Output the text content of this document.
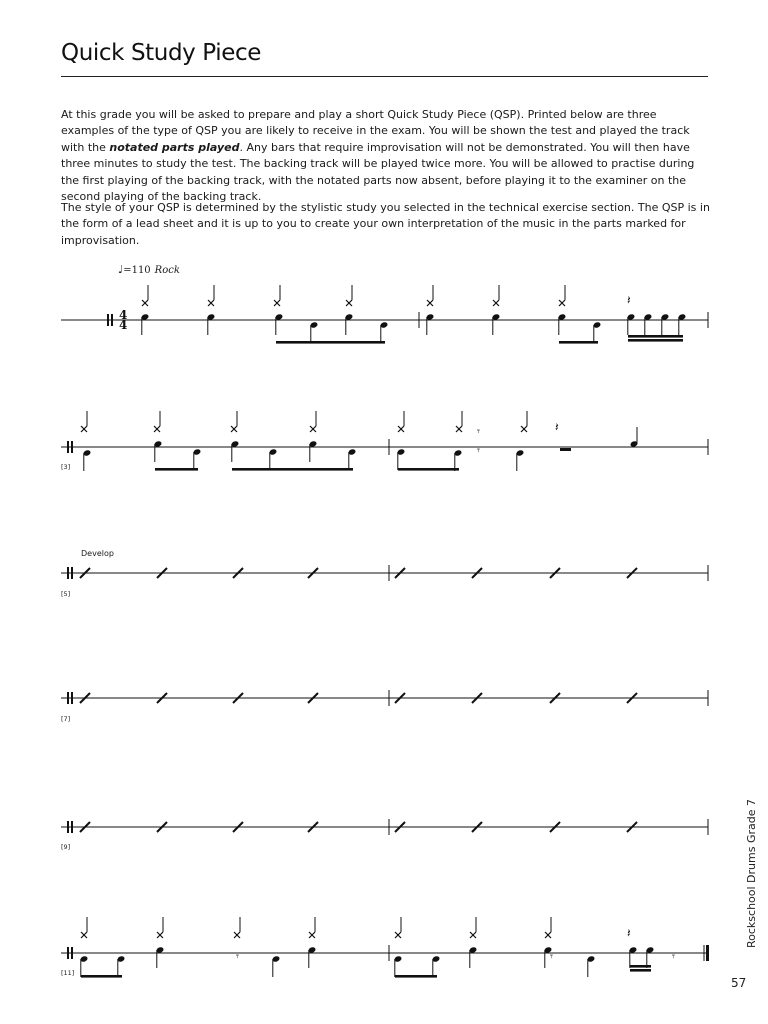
Quick Study Piece

At this grade you will be asked to prepare and play a short Quick Study Piece (QSP). Printed below are three examples of the type of QSP you are likely to receive in the exam. You will be shown the test and played the track with the notated parts played. Any bars that require improvisation will not be demonstrated. You will then have three minutes to study the test. The backing track will be played twice more. You will be allowed to practise during the first playing of the backing track, with the notated parts now absent, before playing it to the examiner on the second playing of the backing track.

The style of your QSP is determined by the stylistic study you selected in the technical exercise section. The QSP is in the form of a lead sheet and it is up to you to create your own interpretation of the music in the parts marked for improvisation.

♩=110 Rock
Develop
𝄽
𝄾	𝄽
𝄾
𝄽
𝄾	𝄾	𝄾
4
4
[3]
[5]
[7]
[9]
[11]
Rockschool Drums Grade 7
57
